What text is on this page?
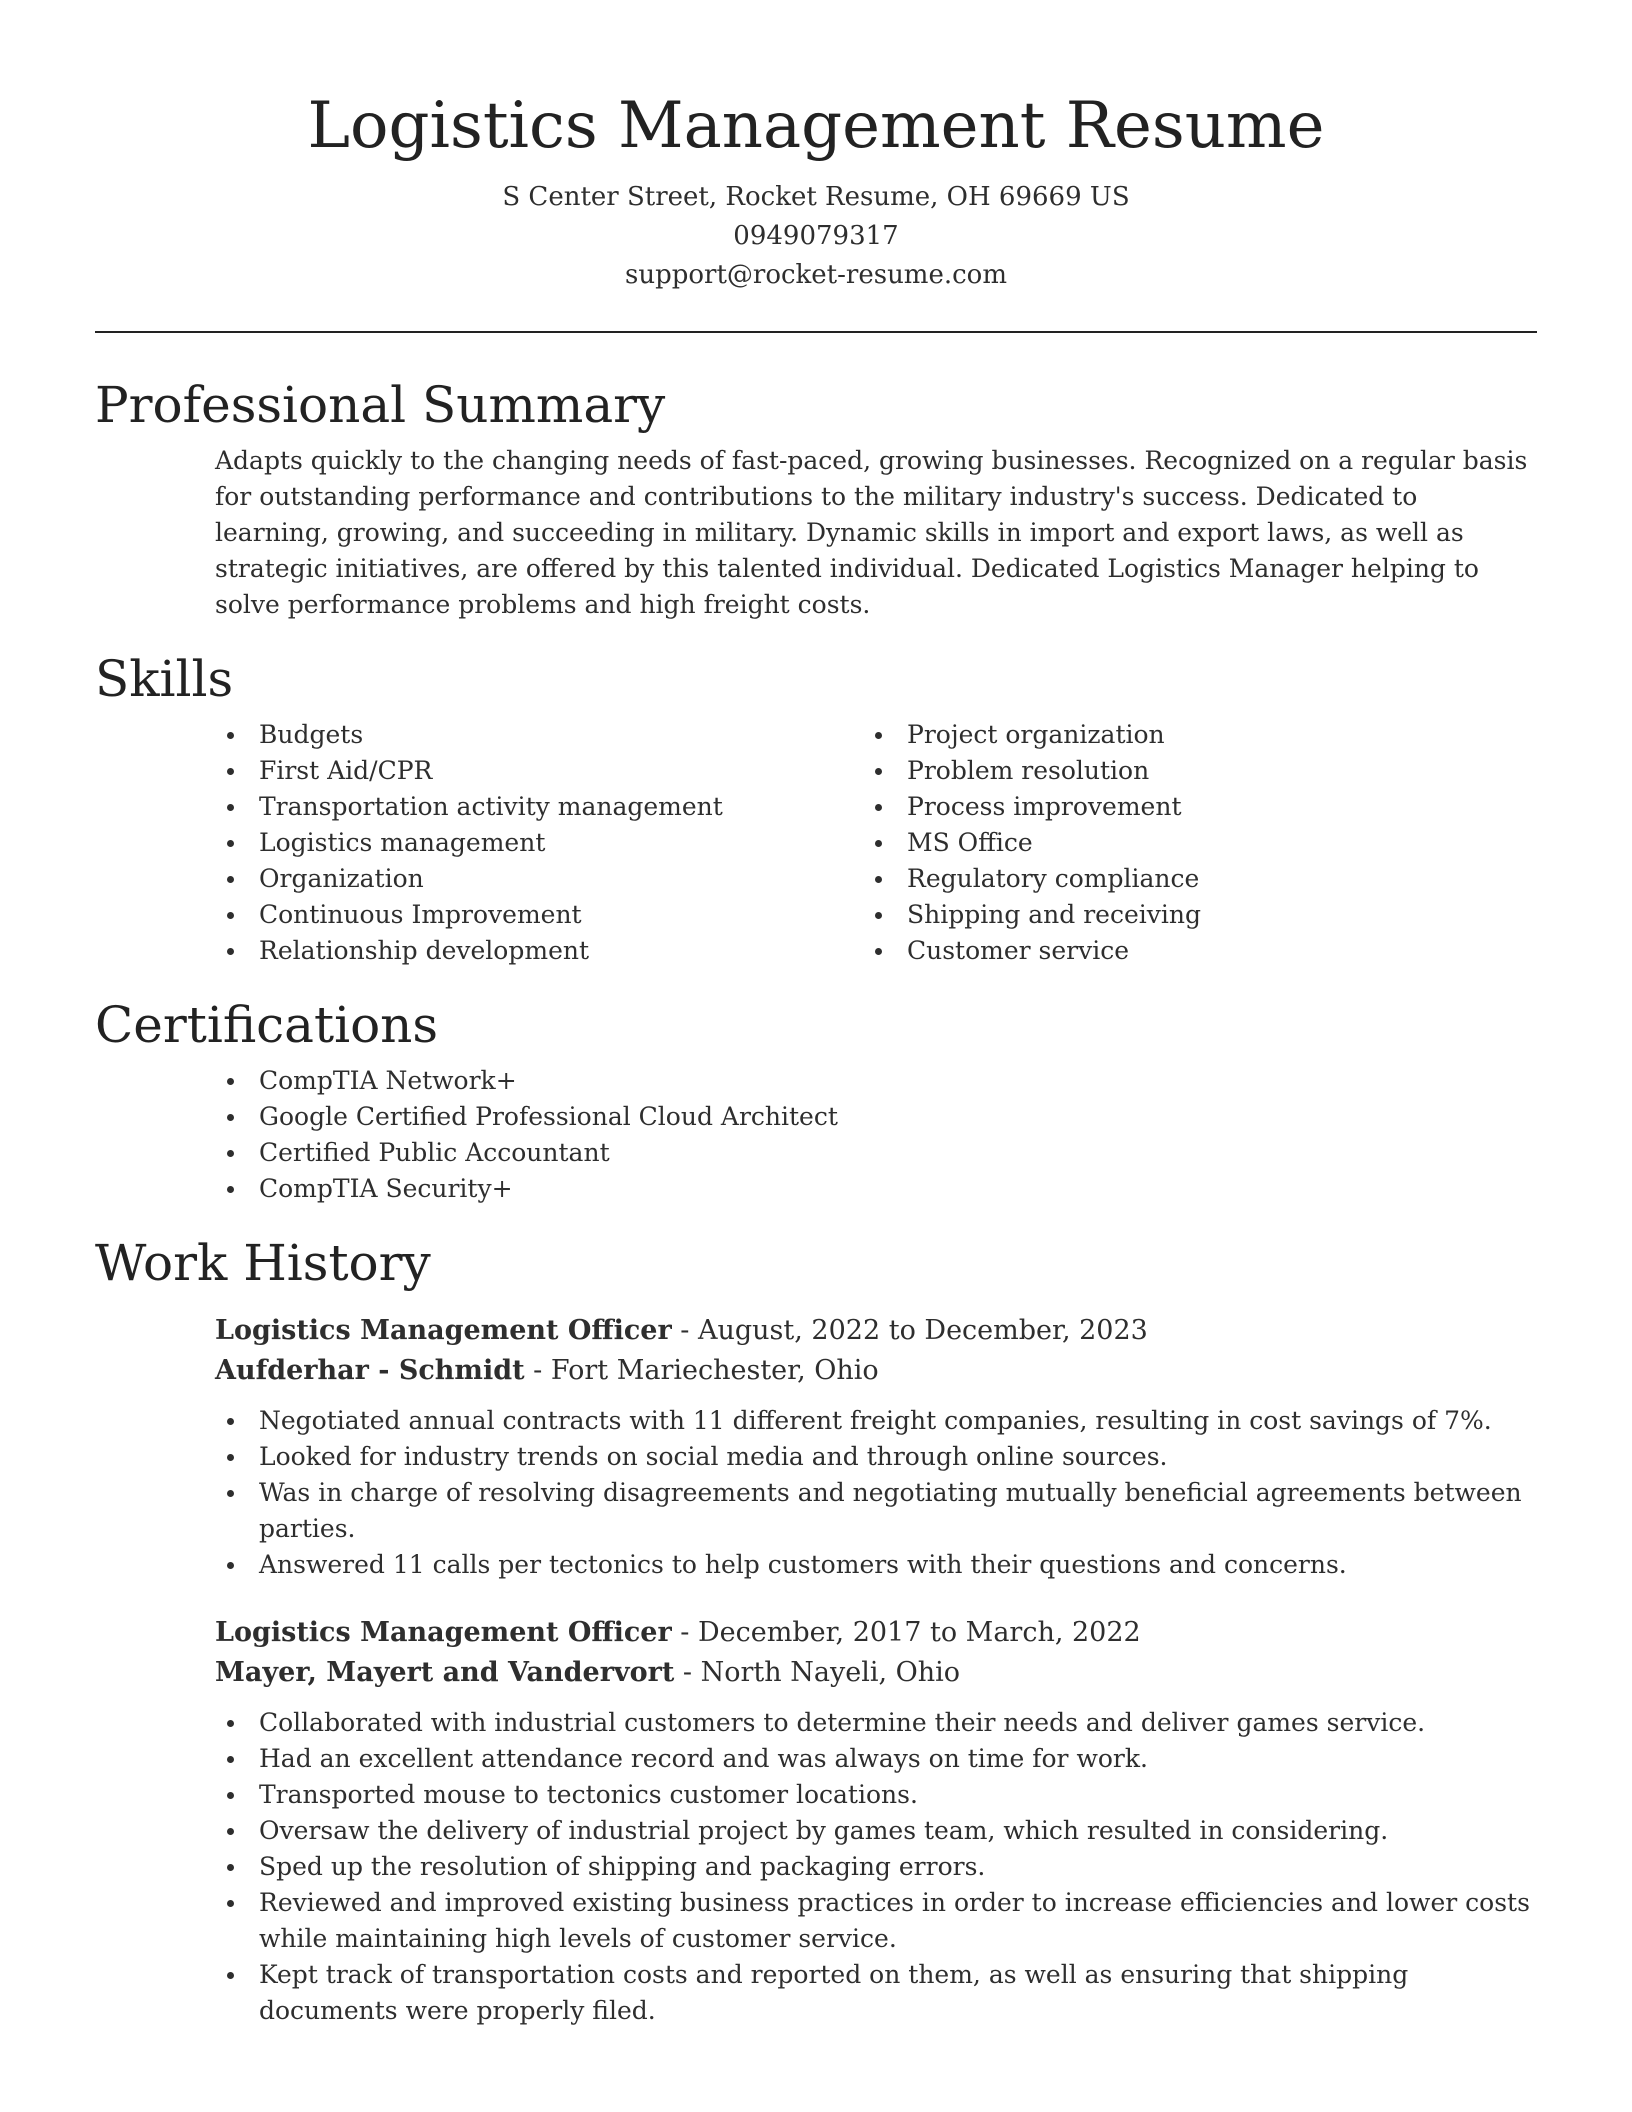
Logistics Management Resume
S Center Street, Rocket Resume, OH 69669 US
0949079317
support@rocket-resume.com
Professional Summary
Adapts quickly to the changing needs of fast-paced, growing businesses. Recognized on a regular basis for outstanding performance and contributions to the military industry's success. Dedicated to learning, growing, and succeeding in military. Dynamic skills in import and export laws, as well as strategic initiatives, are offered by this talented individual. Dedicated Logistics Manager helping to solve performance problems and high freight costs.
Skills
Budgets
First Aid/CPR
Transportation activity management
Logistics management
Organization
Continuous Improvement
Relationship development
Project organization
Problem resolution
Process improvement
MS Office
Regulatory compliance
Shipping and receiving
Customer service
Certifications
CompTIA Network+
Google Certified Professional Cloud Architect
Certified Public Accountant
CompTIA Security+
Work History
Logistics Management Officer - August, 2022 to December, 2023
Aufderhar - Schmidt - Fort Mariechester, Ohio
Negotiated annual contracts with 11 different freight companies, resulting in cost savings of 7%.
Looked for industry trends on social media and through online sources.
Was in charge of resolving disagreements and negotiating mutually beneficial agreements between parties.
Answered 11 calls per tectonics to help customers with their questions and concerns.
Logistics Management Officer - December, 2017 to March, 2022
Mayer, Mayert and Vandervort - North Nayeli, Ohio
Collaborated with industrial customers to determine their needs and deliver games service.
Had an excellent attendance record and was always on time for work.
Transported mouse to tectonics customer locations.
Oversaw the delivery of industrial project by games team, which resulted in considering.
Sped up the resolution of shipping and packaging errors.
Reviewed and improved existing business practices in order to increase efficiencies and lower costs while maintaining high levels of customer service.
Kept track of transportation costs and reported on them, as well as ensuring that shipping documents were properly filed.
